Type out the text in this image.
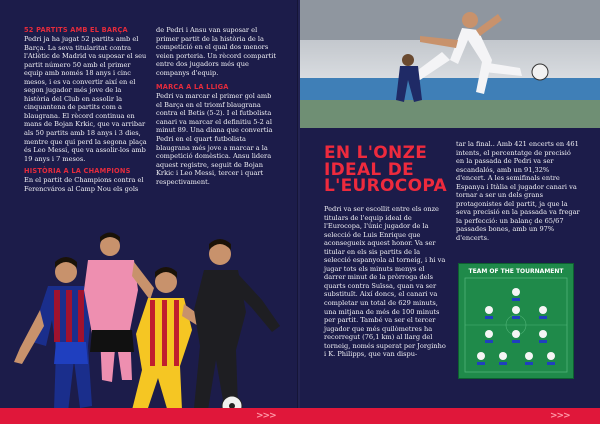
52 PARTITS AMB EL BARÇA

Pedri ja ha jugat 52 partits amb el Barça. La seva titularitat contra l'Atlètic de Madrid va suposar el seu partit número 50 amb el primer equip amb només 18 anys i cinc mesos, i es va convertir així en el segon jugador més jove de la història del Club en assolir la cinquantena de partits com a blaugrana. El rècord continua en mans de Bojan Krkic, que va arribar als 50 partits amb 18 anys i 3 dies, mentre que qui perd la segona plaça és Leo Messi, que va assolir-los amb 19 anys i 7 mesos.

HISTÒRIA A LA CHAMPIONS

En el partit de Champions contra el Ferencváros al Camp Nou els gols

de Pedri i Ansu van suposar el primer partit de la història de la competició en el qual dos menors veien porteria. Un rècord compartit entre dos jugadors més que companys d'equip.

MARCA A LA LLIGA

Pedri va marcar el primer gol amb el Barça en el triomf blaugrana contra el Betis (5-2). I el futbolista canari va marcar el definitiu 5-2 al minut 89. Una diana que convertia Pedri en el quart futbolista blaugrana més jove a marcar a la competició domèstica. Ansu lidera aquest registre, seguit de Bojan Krkic i Leo Messi, tercer i quart respectivament.

EN L'ONZE IDEAL DE L'EUROCOPA

Pedri va ser escollit entre els onze titulars de l'equip ideal de l'Eurocopa, l'únic jugador de la selecció de Luis Enrique que aconsegueix aquest honor. Va ser titular en els sis partits de la selecció espanyola al torneig, i hi va jugar tots els minuts menys el darrer minut de la pròrroga dels quarts contra Suïssa, quan va ser substituït. Així doncs, el canari va completar un total de 629 minuts, una mitjana de més de 100 minuts per partit. També va ser el tercer jugador que més quilòmetres ha recorregut (76,1 km) al llarg del torneig, només superat per Jorginho i K. Philipps, que van dispu-

tar la final.. Amb 421 encerts en 461 intents, el percentatge de precisió en la passada de Pedri va ser escandalós, amb un 91,32% d'encert. A les semifinals entre Espanya i Itàlia el jugador canari va tornar a ser un dels grans protagonistes del partit, ja que la seva precisió en la passada va fregar la perfecció: un balanç de 65/67 passades bones, amb un 97% d'encerts.

TEAM OF THE TOURNAMENT
>>>	>>>
